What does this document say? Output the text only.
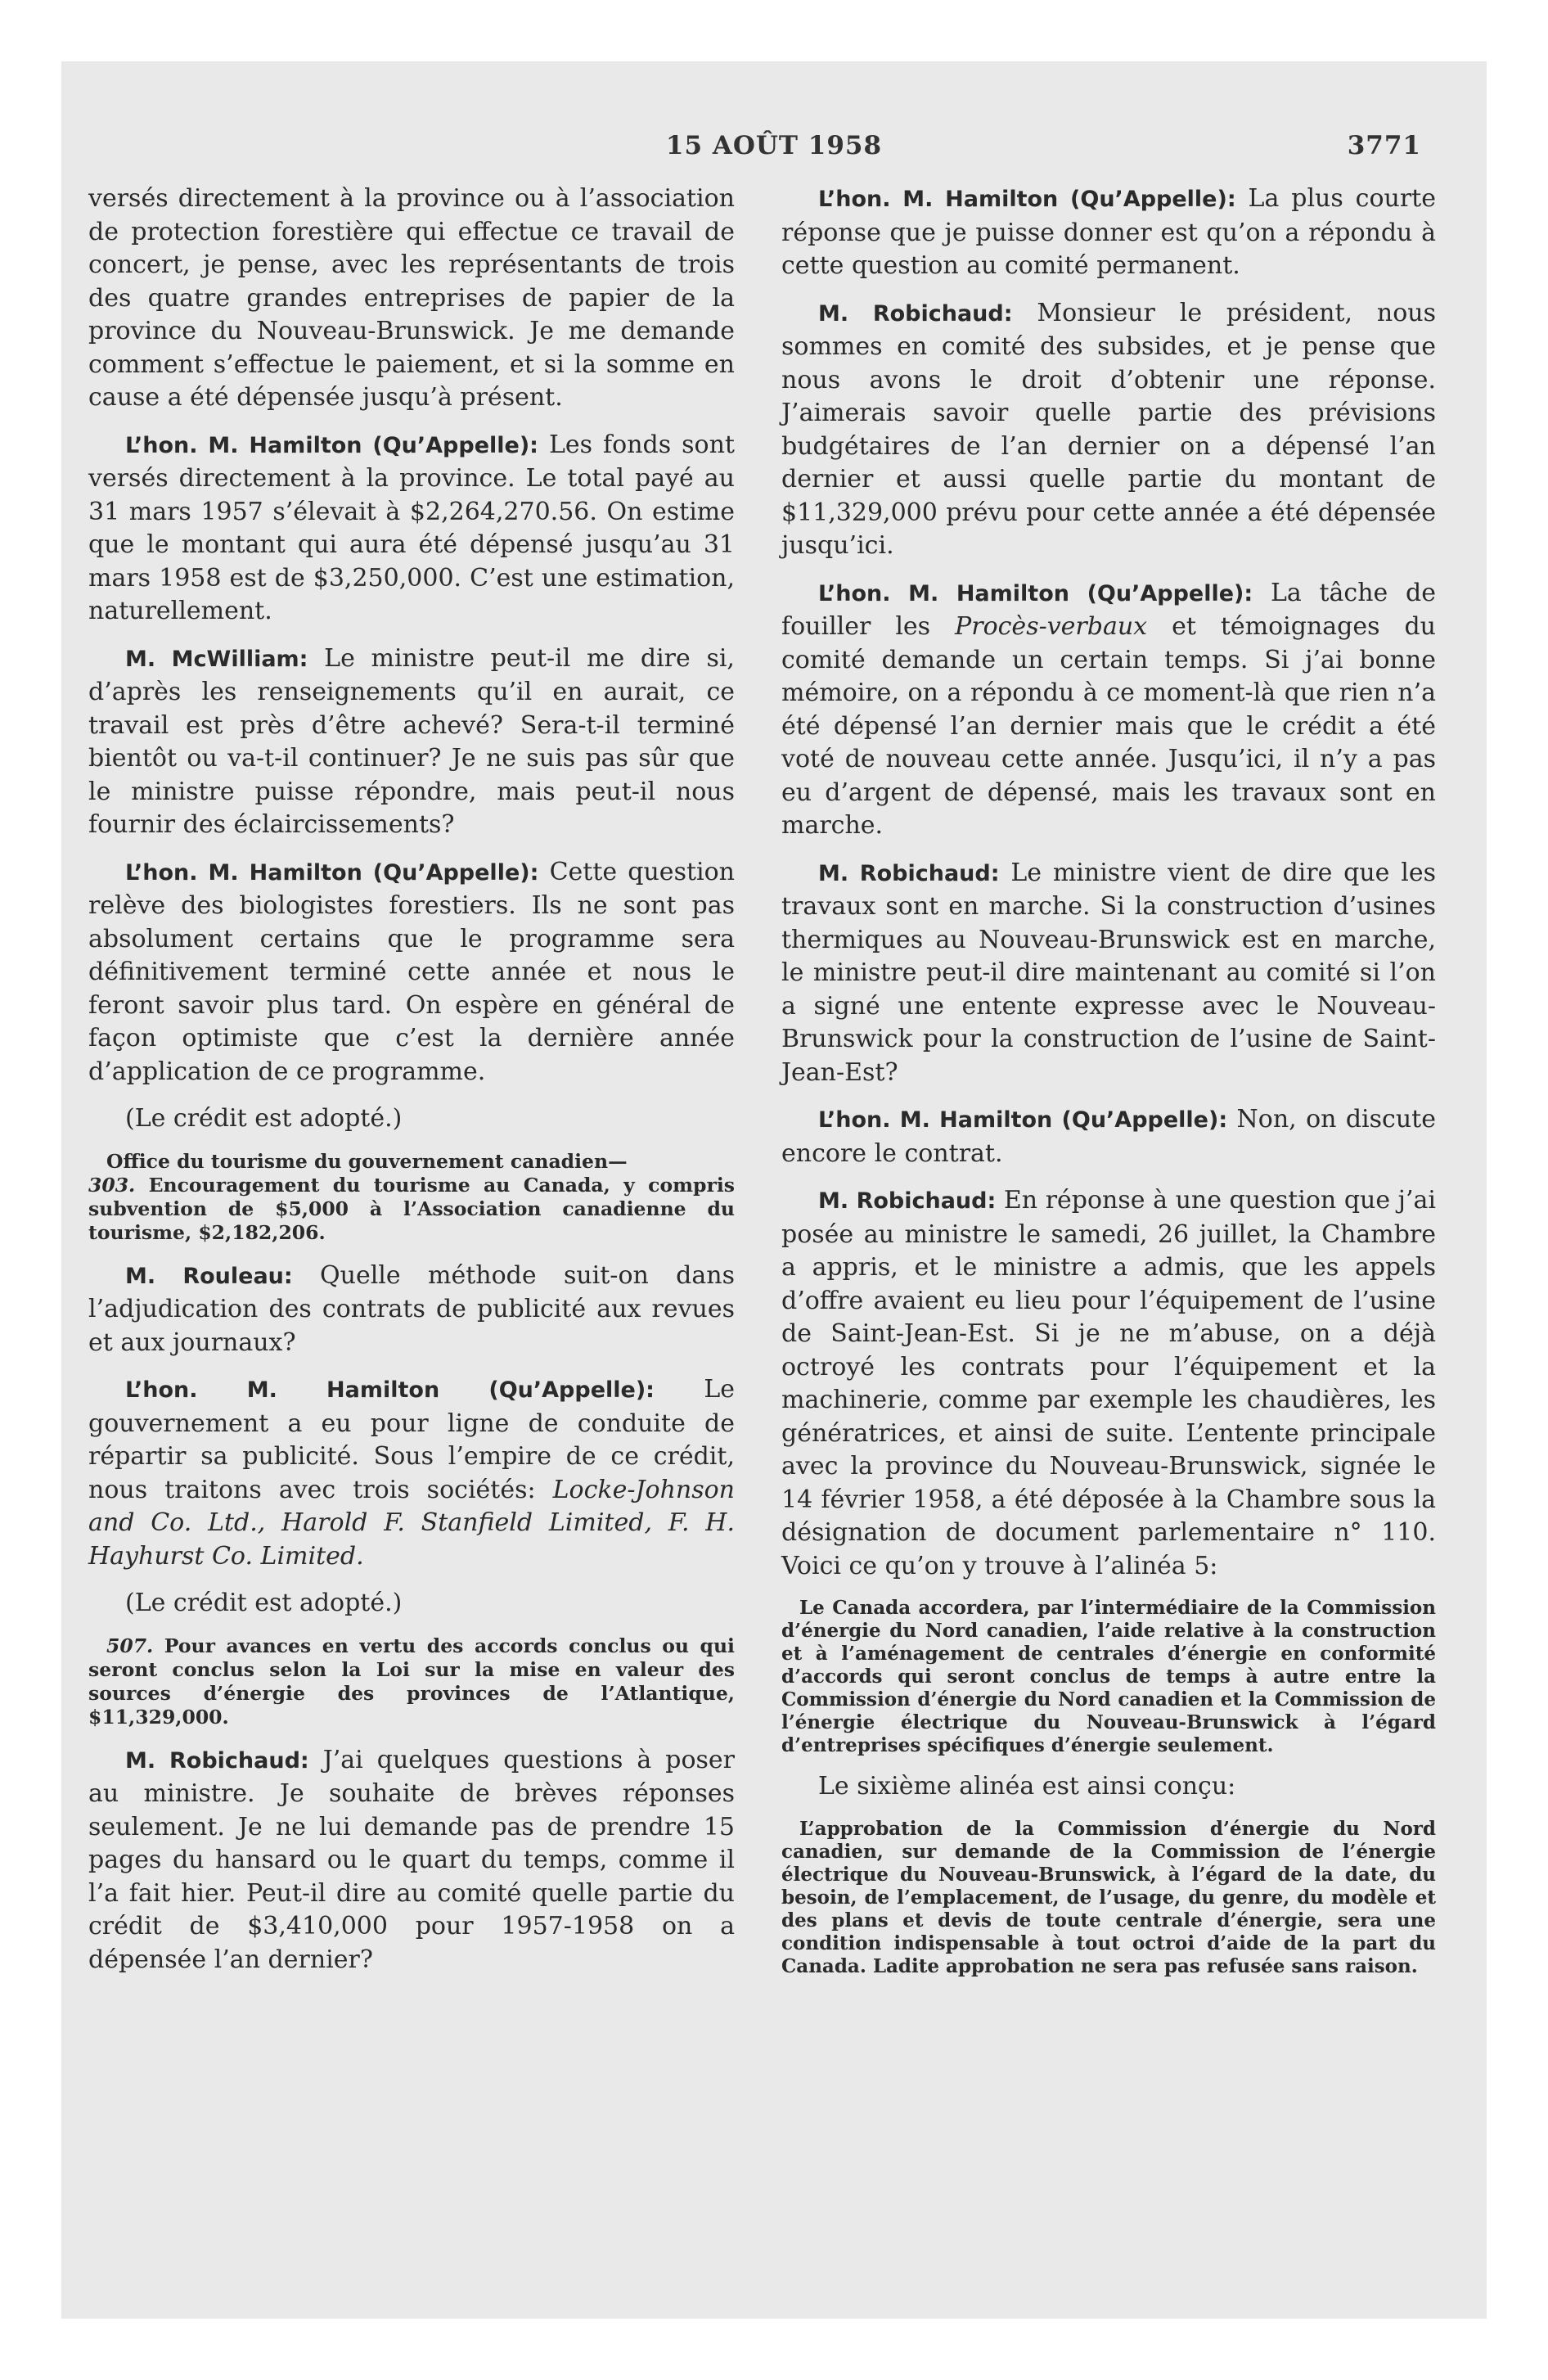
15 AOÛT 1958	3771

versés directement à la province ou à l’association de protection forestière qui effectue ce travail de concert, je pense, avec les représentants de trois des quatre grandes entreprises de papier de la province du Nouveau-Brunswick. Je me demande comment s’effectue le paiement, et si la somme en cause a été dépensée jusqu’à présent.

L’hon. M. Hamilton (Qu’Appelle): Les fonds sont versés directement à la province. Le total payé au 31 mars 1957 s’élevait à $2,264,270.56. On estime que le montant qui aura été dépensé jusqu’au 31 mars 1958 est de $3,250,000. C’est une estimation, naturellement.

M. McWilliam: Le ministre peut-il me dire si, d’après les renseignements qu’il en aurait, ce travail est près d’être achevé? Sera-t-il terminé bientôt ou va-t-il continuer? Je ne suis pas sûr que le ministre puisse répondre, mais peut-il nous fournir des éclaircissements?

L’hon. M. Hamilton (Qu’Appelle): Cette question relève des biologistes forestiers. Ils ne sont pas absolument certains que le programme sera définitivement terminé cette année et nous le feront savoir plus tard. On espère en général de façon optimiste que c’est la dernière année d’application de ce programme.

(Le crédit est adopté.)

Office du tourisme du gouvernement canadien—
303. Encouragement du tourisme au Canada, y compris subvention de $5,000 à l’Association canadienne du tourisme, $2,182,206.

M. Rouleau: Quelle méthode suit-on dans l’adjudication des contrats de publicité aux revues et aux journaux?

L’hon. M. Hamilton (Qu’Appelle): Le gouvernement a eu pour ligne de conduite de répartir sa publicité. Sous l’empire de ce crédit, nous traitons avec trois sociétés: Locke-Johnson and Co. Ltd., Harold F. Stanfield Limited, F. H. Hayhurst Co. Limited.

(Le crédit est adopté.)

507. Pour avances en vertu des accords conclus ou qui seront conclus selon la Loi sur la mise en valeur des sources d’énergie des provinces de l’Atlantique, $11,329,000.

M. Robichaud: J’ai quelques questions à poser au ministre. Je souhaite de brèves réponses seulement. Je ne lui demande pas de prendre 15 pages du hansard ou le quart du temps, comme il l’a fait hier. Peut-il dire au comité quelle partie du crédit de $3,410,000 pour 1957-1958 on a dépensée l’an dernier?

L’hon. M. Hamilton (Qu’Appelle): La plus courte réponse que je puisse donner est qu’on a répondu à cette question au comité permanent.

M. Robichaud: Monsieur le président, nous sommes en comité des subsides, et je pense que nous avons le droit d’obtenir une réponse. J’aimerais savoir quelle partie des prévisions budgétaires de l’an dernier on a dépensé l’an dernier et aussi quelle partie du montant de $11,329,000 prévu pour cette année a été dépensée jusqu’ici.

L’hon. M. Hamilton (Qu’Appelle): La tâche de fouiller les Procès-verbaux et témoignages du comité demande un certain temps. Si j’ai bonne mémoire, on a répondu à ce moment-là que rien n’a été dépensé l’an dernier mais que le crédit a été voté de nouveau cette année. Jusqu’ici, il n’y a pas eu d’argent de dépensé, mais les travaux sont en marche.

M. Robichaud: Le ministre vient de dire que les travaux sont en marche. Si la construction d’usines thermiques au Nouveau-Brunswick est en marche, le ministre peut-il dire maintenant au comité si l’on a signé une entente expresse avec le Nouveau-Brunswick pour la construction de l’usine de Saint-Jean-Est?

L’hon. M. Hamilton (Qu’Appelle): Non, on discute encore le contrat.

M. Robichaud: En réponse à une question que j’ai posée au ministre le samedi, 26 juillet, la Chambre a appris, et le ministre a admis, que les appels d’offre avaient eu lieu pour l’équipement de l’usine de Saint-Jean-Est. Si je ne m’abuse, on a déjà octroyé les contrats pour l’équipement et la machinerie, comme par exemple les chaudières, les génératrices, et ainsi de suite. L’entente principale avec la province du Nouveau-Brunswick, signée le 14 février 1958, a été déposée à la Chambre sous la désignation de document parlementaire n° 110. Voici ce qu’on y trouve à l’alinéa 5:

Le Canada accordera, par l’intermédiaire de la Commission d’énergie du Nord canadien, l’aide relative à la construction et à l’aménagement de centrales d’énergie en conformité d’accords qui seront conclus de temps à autre entre la Commission d’énergie du Nord canadien et la Commission de l’énergie électrique du Nouveau-Brunswick à l’égard d’entreprises spécifiques d’énergie seulement.

Le sixième alinéa est ainsi conçu:

L’approbation de la Commission d’énergie du Nord canadien, sur demande de la Commission de l’énergie électrique du Nouveau-Brunswick, à l’égard de la date, du besoin, de l’emplacement, de l’usage, du genre, du modèle et des plans et devis de toute centrale d’énergie, sera une condition indispensable à tout octroi d’aide de la part du Canada. Ladite approbation ne sera pas refusée sans raison.
